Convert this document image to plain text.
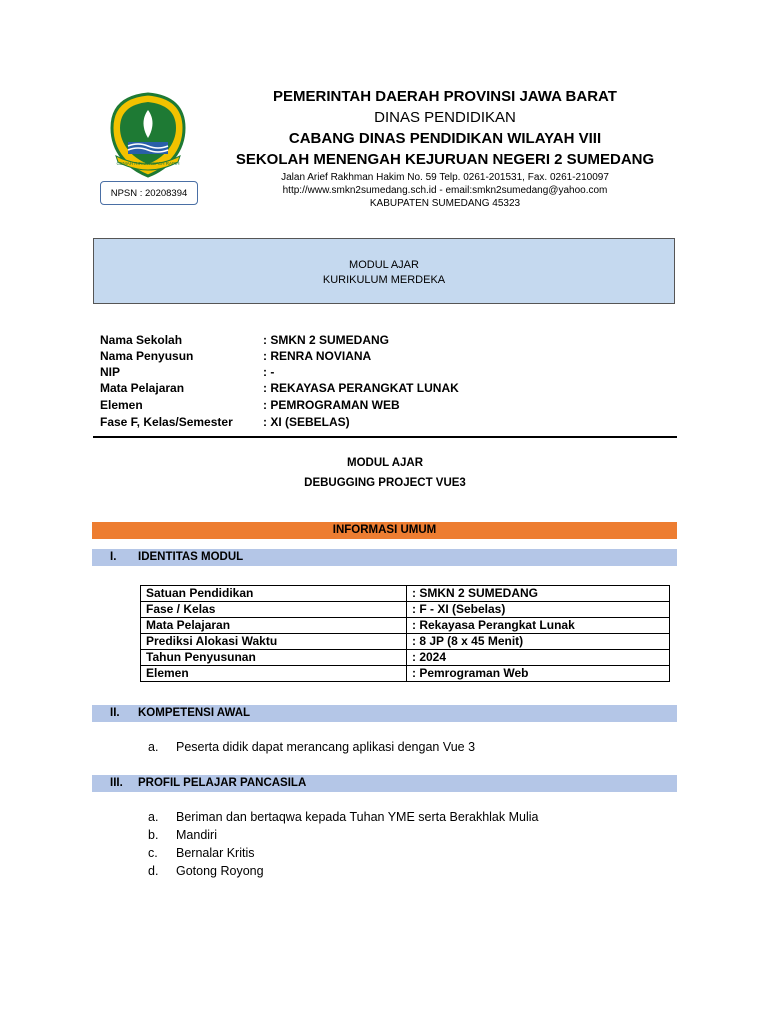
GEMAH RIPAH REPEH RAPIH
NPSN : 20208394
PEMERINTAH DAERAH PROVINSI JAWA BARAT
DINAS PENDIDIKAN
CABANG DINAS PENDIDIKAN WILAYAH VIII
SEKOLAH MENENGAH KEJURUAN NEGERI 2 SUMEDANG
Jalan Arief Rakhman Hakim No. 59 Telp. 0261-201531, Fax. 0261-210097
http://www.smkn2sumedang.sch.id - email:smkn2sumedang@yahoo.com
KABUPATEN SUMEDANG 45323
MODUL AJAR
KURIKULUM MERDEKA
Nama Sekolah	: SMKN 2 SUMEDANG
Nama Penyusun	: RENRA NOVIANA
NIP	: -
Mata Pelajaran	: REKAYASA PERANGKAT LUNAK
Elemen	: PEMROGRAMAN WEB
Fase F, Kelas/Semester	: XI (SEBELAS)
MODUL AJAR
DEBUGGING PROJECT VUE3
INFORMASI UMUM
I. IDENTITAS MODUL
Satuan Pendidikan	: SMKN 2 SUMEDANG
Fase / Kelas	: F - XI (Sebelas)
Mata Pelajaran	: Rekayasa Perangkat Lunak
Prediksi Alokasi Waktu	: 8 JP (8 x 45 Menit)
Tahun Penyusunan	: 2024
Elemen	: Pemrograman Web
II. KOMPETENSI AWAL
a. Peserta didik dapat merancang aplikasi dengan Vue 3
III. PROFIL PELAJAR PANCASILA
a. Beriman dan bertaqwa kepada Tuhan YME serta Berakhlak Mulia
b. Mandiri
c. Bernalar Kritis
d. Gotong Royong
